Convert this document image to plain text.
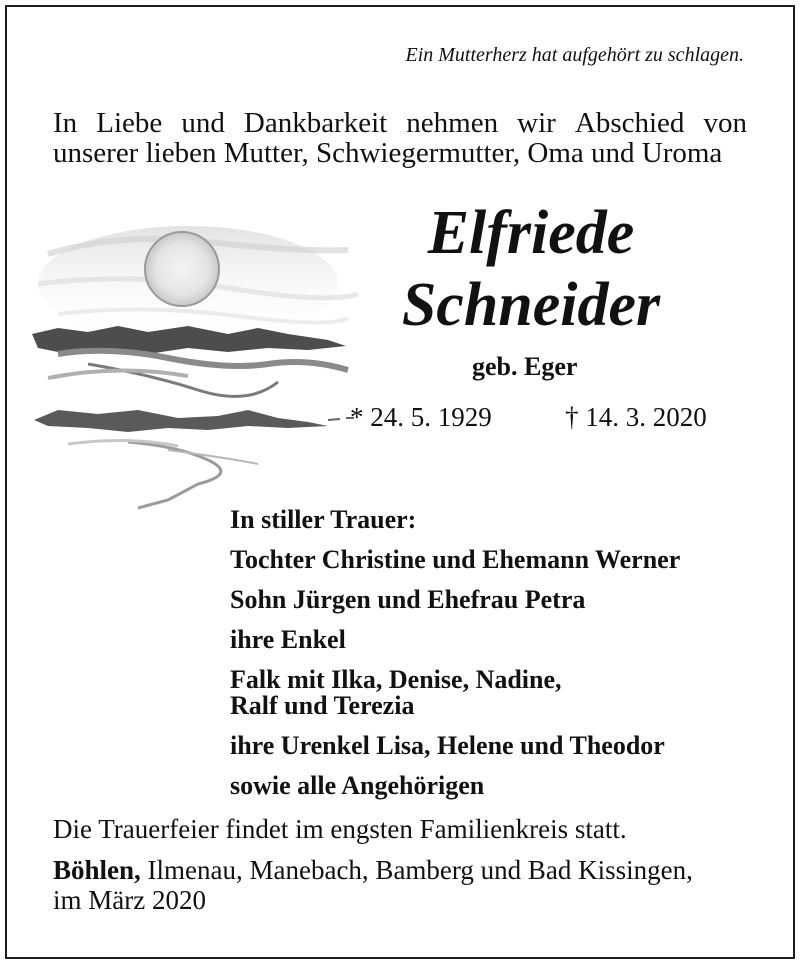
Ein Mutterherz hat aufgehört zu schlagen.
In Liebe und Dankbarkeit nehmen wir Abschied von
unserer lieben Mutter, Schwiegermutter, Oma und Uroma
Elfriede
Schneider
geb. Eger
* 24. 5. 1929	† 14. 3. 2020
In stiller Trauer:
Tochter Christine und Ehemann Werner
Sohn Jürgen und Ehefrau Petra
ihre Enkel
Falk mit Ilka, Denise, Nadine,
Ralf und Terezia
ihre Urenkel Lisa, Helene und Theodor
sowie alle Angehörigen
Die Trauerfeier findet im engsten Familienkreis statt.
Böhlen, Ilmenau, Manebach, Bamberg und Bad Kissingen,
im März 2020
